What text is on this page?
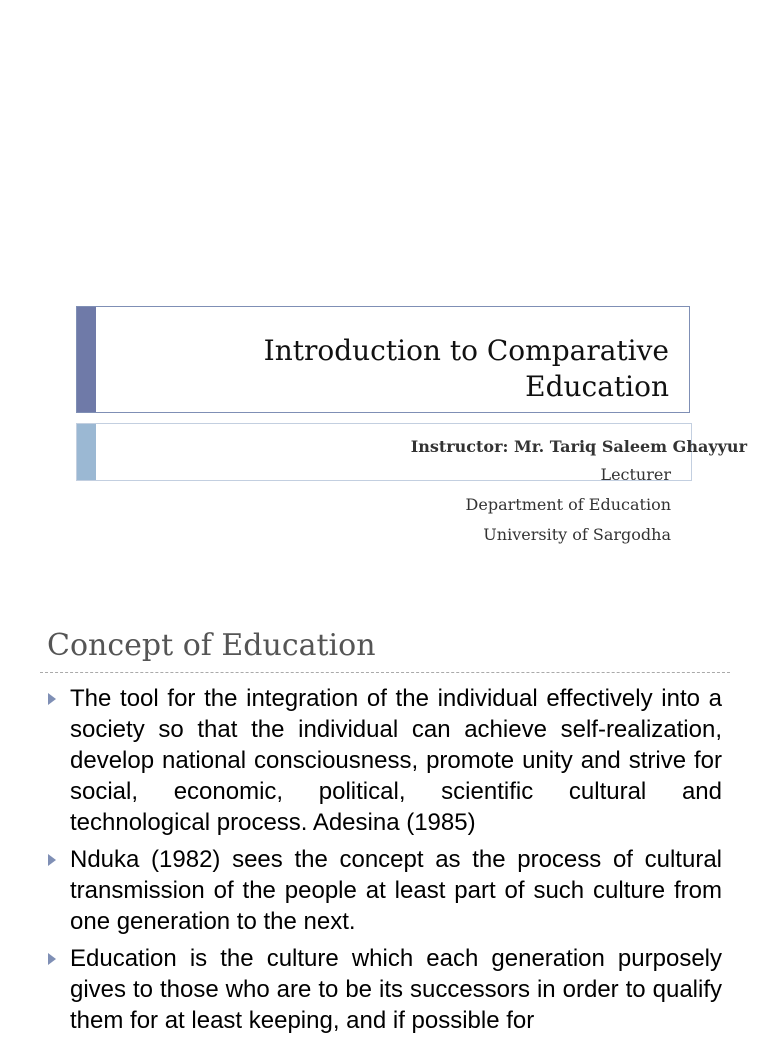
Introduction to Comparative
Education
Instructor: Mr. Tariq Saleem Ghayyur
Lecturer
Department of Education
University of Sargodha
Concept of Education
The tool for the integration of the individual effectively into a society so that the individual can achieve self-realization, develop national consciousness, promote unity and strive for social, economic, political, scientific cultural and technological process. Adesina (1985)
Nduka (1982) sees the concept as the process of cultural transmission of the people at least part of such culture from one generation to the next.
Education is the culture which each generation purposely gives to those who are to be its successors in order to qualify them for at least keeping, and if possible for
